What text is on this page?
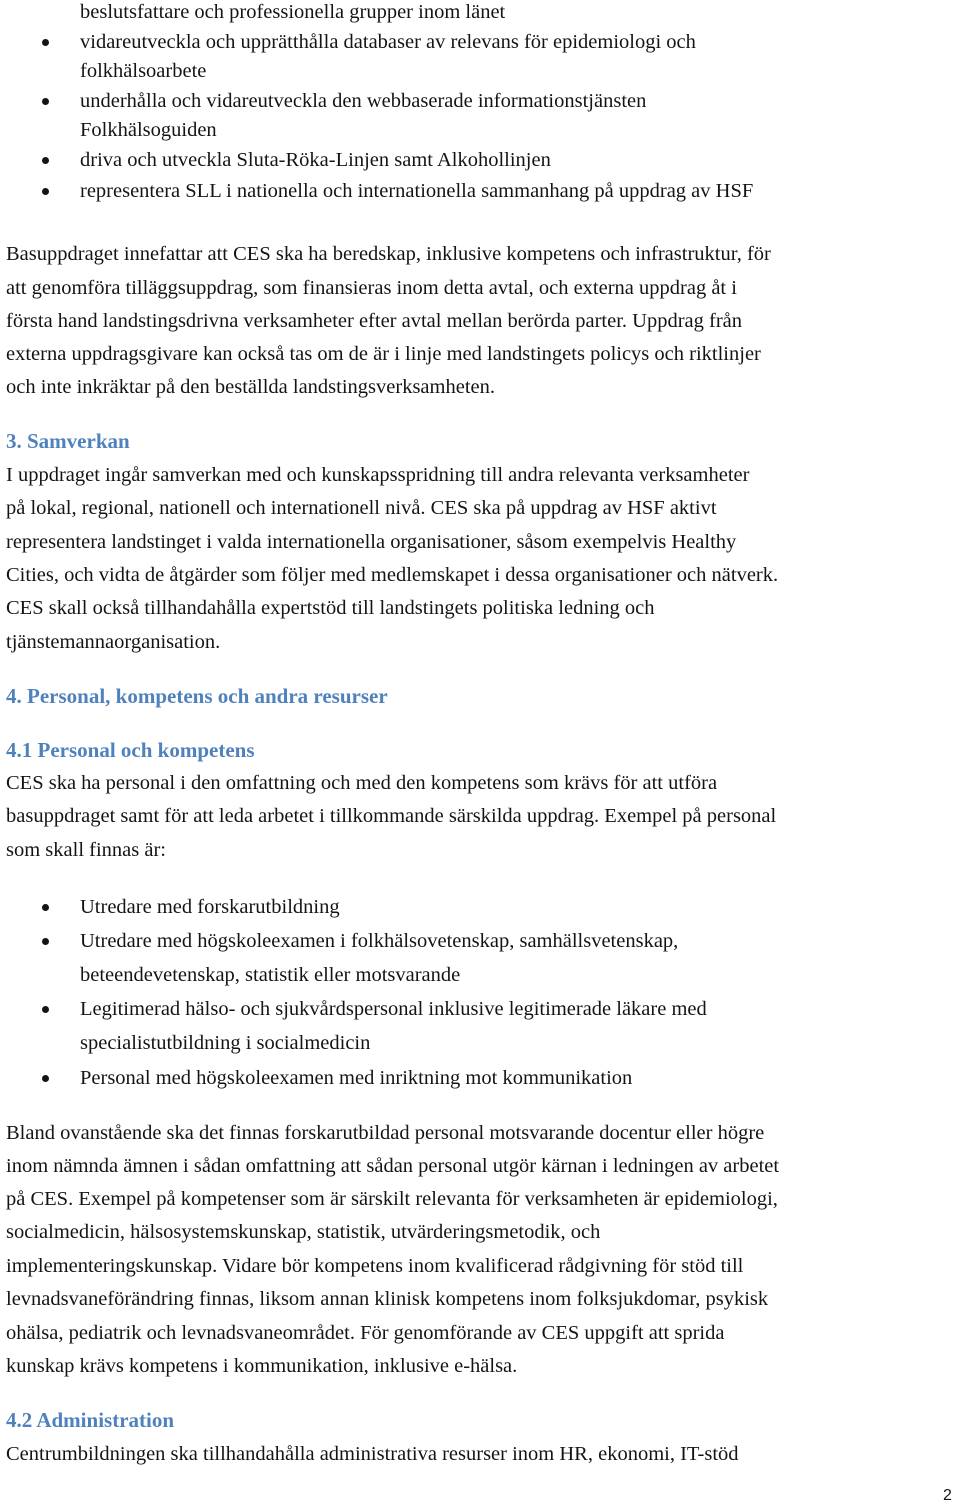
beslutsfattare och professionella grupper inom länet
vidareutveckla och upprätthålla databaser av relevans för epidemiologi och
folkhälsoarbete
underhålla och vidareutveckla den webbaserade informationstjänsten
Folkhälsoguiden
driva och utveckla Sluta-Röka-Linjen samt Alkohollinjen
representera SLL i nationella och internationella sammanhang på uppdrag av HSF
Basuppdraget innefattar att CES ska ha beredskap, inklusive kompetens och infrastruktur, för
att genomföra tilläggsuppdrag, som finansieras inom detta avtal, och externa uppdrag åt i
första hand landstingsdrivna verksamheter efter avtal mellan berörda parter. Uppdrag från
externa uppdragsgivare kan också tas om de är i linje med landstingets policys och riktlinjer
och inte inkräktar på den beställda landstingsverksamheten.
3. Samverkan
I uppdraget ingår samverkan med och kunskapsspridning till andra relevanta verksamheter
på lokal, regional, nationell och internationell nivå. CES ska på uppdrag av HSF aktivt
representera landstinget i valda internationella organisationer, såsom exempelvis Healthy
Cities, och vidta de åtgärder som följer med medlemskapet i dessa organisationer och nätverk.
CES skall också tillhandahålla expertstöd till landstingets politiska ledning och
tjänstemannaorganisation.
4. Personal, kompetens och andra resurser
4.1 Personal och kompetens
CES ska ha personal i den omfattning och med den kompetens som krävs för att utföra
basuppdraget samt för att leda arbetet i tillkommande särskilda uppdrag. Exempel på personal
som skall finnas är:
Utredare med forskarutbildning
Utredare med högskoleexamen i folkhälsovetenskap, samhällsvetenskap,
beteendevetenskap, statistik eller motsvarande
Legitimerad hälso- och sjukvårdspersonal inklusive legitimerade läkare med
specialistutbildning i socialmedicin
Personal med högskoleexamen med inriktning mot kommunikation
Bland ovanstående ska det finnas forskarutbildad personal motsvarande docentur eller högre
inom nämnda ämnen i sådan omfattning att sådan personal utgör kärnan i ledningen av arbetet
på CES. Exempel på kompetenser som är särskilt relevanta för verksamheten är epidemiologi,
socialmedicin, hälsosystemskunskap, statistik, utvärderingsmetodik, och
implementeringskunskap. Vidare bör kompetens inom kvalificerad rådgivning för stöd till
levnadsvaneförändring finnas, liksom annan klinisk kompetens inom folksjukdomar, psykisk
ohälsa, pediatrik och levnadsvaneområdet. För genomförande av CES uppgift att sprida
kunskap krävs kompetens i kommunikation, inklusive e-hälsa.
4.2 Administration
Centrumbildningen ska tillhandahålla administrativa resurser inom HR, ekonomi, IT-stöd
2
